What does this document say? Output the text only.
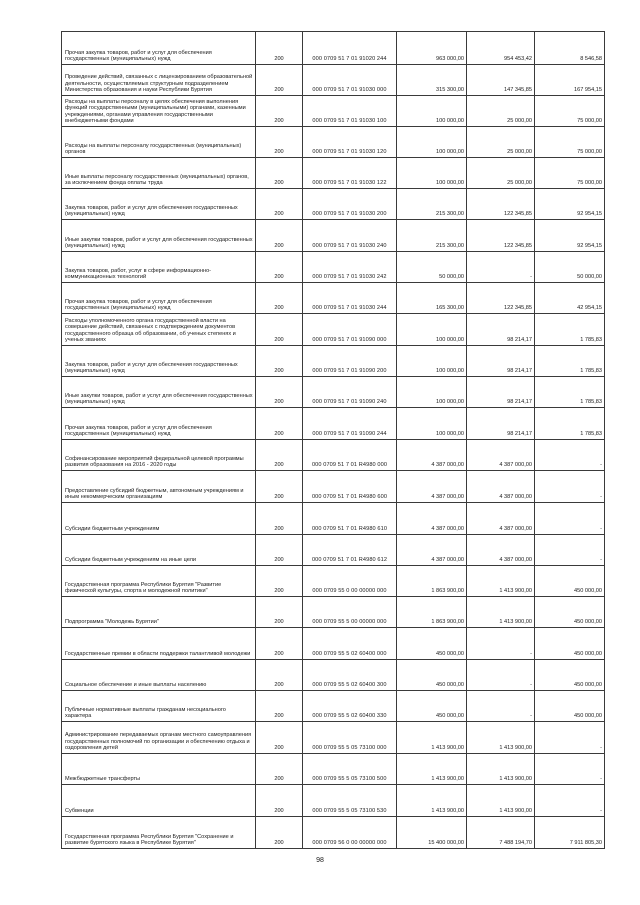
Прочая закупка товаров, работ и услуг для обеспечения государственных (муниципальных) нужд	200	000 0709 51 7 01 91020 244	963 000,00	954 453,42	8 546,58
Проведение действий, связанных с лицензированием образовательной деятельности, осуществляемых структурным подразделением Министерства образования и науки Республики Бурятия	200	000 0709 51 7 01 91030 000	315 300,00	147 345,85	167 954,15
Расходы на выплаты персоналу в целях обеспечения выполнения функций государственными (муниципальными) органами, казенными учреждениями, органами управления государственными внебюджетными фондами	200	000 0709 51 7 01 91030 100	100 000,00	25 000,00	75 000,00
Расходы на выплаты персоналу государственных (муниципальных) органов	200	000 0709 51 7 01 91030 120	100 000,00	25 000,00	75 000,00
Иные выплаты персоналу государственных (муниципальных) органов, за исключением фонда оплаты труда	200	000 0709 51 7 01 91030 122	100 000,00	25 000,00	75 000,00
Закупка товаров, работ и услуг для обеспечения государственных (муниципальных) нужд	200	000 0709 51 7 01 91030 200	215 300,00	122 345,85	92 954,15
Иные закупки товаров, работ и услуг для обеспечения государственных (муниципальных) нужд	200	000 0709 51 7 01 91030 240	215 300,00	122 345,85	92 954,15
Закупка товаров, работ, услуг в сфере информационно-коммуникационных технологий	200	000 0709 51 7 01 91030 242	50 000,00	-	50 000,00
Прочая закупка товаров, работ и услуг для обеспечения государственных (муниципальных) нужд	200	000 0709 51 7 01 91030 244	165 300,00	122 345,85	42 954,15
Расходы уполномоченного органа государственной власти на совершение действий, связанных с подтверждением документов государственного образца об образовании, об ученых степенях и ученых званиях	200	000 0709 51 7 01 91090 000	100 000,00	98 214,17	1 785,83
Закупка товаров, работ и услуг для обеспечения государственных (муниципальных) нужд	200	000 0709 51 7 01 91090 200	100 000,00	98 214,17	1 785,83
Иные закупки товаров, работ и услуг для обеспечения государственных (муниципальных) нужд	200	000 0709 51 7 01 91090 240	100 000,00	98 214,17	1 785,83
Прочая закупка товаров, работ и услуг для обеспечения государственных (муниципальных) нужд	200	000 0709 51 7 01 91090 244	100 000,00	98 214,17	1 785,83
Софинансирование мероприятий федеральной целевой программы развития образования на 2016 - 2020 годы	200	000 0709 51 7 01 R4980 000	4 387 000,00	4 387 000,00	-
Предоставление субсидий бюджетным, автономным учреждениям и иным некоммерческим организациям	200	000 0709 51 7 01 R4980 600	4 387 000,00	4 387 000,00	-
Субсидии бюджетным учреждениям	200	000 0709 51 7 01 R4980 610	4 387 000,00	4 387 000,00	-
Субсидии бюджетным учреждениям на иные цели	200	000 0709 51 7 01 R4980 612	4 387 000,00	4 387 000,00	-
Государственная программа Республики Бурятия "Развитие физической культуры, спорта и молодежной политики"	200	000 0709 55 0 00 00000 000	1 863 900,00	1 413 900,00	450 000,00
Подпрограмма "Молодежь Бурятии"	200	000 0709 55 5 00 00000 000	1 863 900,00	1 413 900,00	450 000,00
Государственные премии в области поддержки талантливой молодежи	200	000 0709 55 5 02 60400 000	450 000,00	-	450 000,00
Социальное обеспечение и иные выплаты населению	200	000 0709 55 5 02 60400 300	450 000,00	-	450 000,00
Публичные нормативные выплаты гражданам несоциального характера	200	000 0709 55 5 02 60400 330	450 000,00	-	450 000,00
Администрирование передаваемых органам местного самоуправления государственных полномочий по организации и обеспечению отдыха и оздоровления детей	200	000 0709 55 5 05 73100 000	1 413 900,00	1 413 900,00	-
Межбюджетные трансферты	200	000 0709 55 5 05 73100 500	1 413 900,00	1 413 900,00	-
Субвенции	200	000 0709 55 5 05 73100 530	1 413 900,00	1 413 900,00	-
Государственная программа Республики Бурятия "Сохранение и развитие бурятского языка в Республике Бурятия"	200	000 0709 56 0 00 00000 000	15 400 000,00	7 488 194,70	7 911 805,30
98
